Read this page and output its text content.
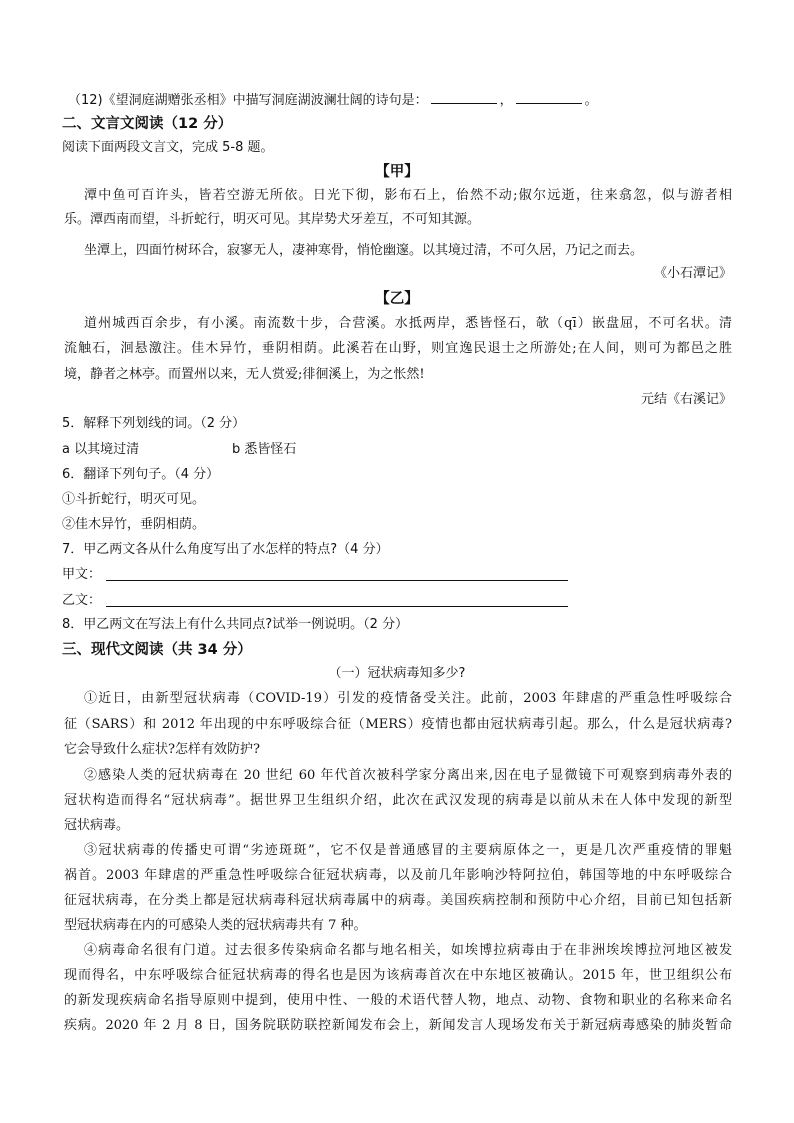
（12)《望洞庭湖赠张丞相》中描写洞庭湖波澜壮阔的诗句是：	，	。
二、文言文阅读（12 分）
阅读下面两段文言文，完成 5-8 题。
【甲】
潭中鱼可百许头，皆若空游无所依。日光下彻，影布石上，佁然不动;俶尔远逝，往来翕忽，似与游者相
乐。潭西南而望，斗折蛇行，明灭可见。其岸势犬牙差互，不可知其源。
坐潭上，四面竹树环合，寂寥无人，凄神寒骨，悄怆幽邃。以其境过清，不可久居，乃记之而去。
《小石潭记》
【乙】
道州城西百余步，有小溪。南流数十步，合营溪。水抵两岸，悉皆怪石，欹（qī）嵌盘屈，不可名状。清
流触石，洄悬激注。佳木异竹，垂阴相荫。此溪若在山野，则宜逸民退士之所游处;在人间，则可为都邑之胜
境，静者之林亭。而置州以来，无人赏爱;徘徊溪上，为之怅然!
元结《右溪记》
5．解释下列划线的词。（2 分）
a 以其境过清	b 悉皆怪石
6．翻译下列句子。（4 分）
①斗折蛇行，明灭可见。
②佳木异竹，垂阴相荫。
7．甲乙两文各从什么角度写出了水怎样的特点?（4 分）
甲文：
乙文：
8．甲乙两文在写法上有什么共同点?试举一例说明。（2 分）
三、现代文阅读（共 34 分）
（一）冠状病毒知多少?
①近日，由新型冠状病毒（COVID-19）引发的疫情备受关注。此前，2003 年肆虐的严重急性呼吸综合
征（SARS）和 2012 年出现的中东呼吸综合征（MERS）疫情也都由冠状病毒引起。那么，什么是冠状病毒?
它会导致什么症状?怎样有效防护?
②感染人类的冠状病毒在 20 世纪 60 年代首次被科学家分离出来,因在电子显微镜下可观察到病毒外表的
冠状构造而得名“冠状病毒”。据世界卫生组织介绍，此次在武汉发现的病毒是以前从未在人体中发现的新型
冠状病毒。
③冠状病毒的传播史可谓“劣迹斑斑”，它不仅是普通感冒的主要病原体之一，更是几次严重疫情的罪魁
祸首。2003 年肆虐的严重急性呼吸综合征冠状病毒，以及前几年影响沙特阿拉伯，韩国等地的中东呼吸综合
征冠状病毒，在分类上都是冠状病毒科冠状病毒属中的病毒。美国疾病控制和预防中心介绍，目前已知包括新
型冠状病毒在内的可感染人类的冠状病毒共有 7 种。
④病毒命名很有门道。过去很多传染病命名都与地名相关，如埃博拉病毒由于在非洲埃埃博拉河地区被发
现而得名，中东呼吸综合征冠状病毒的得名也是因为该病毒首次在中东地区被确认。2015 年，世卫组织公布
的新发现疾病命名指导原则中提到，使用中性、一般的术语代替人物，地点、动物、食物和职业的名称来命名
疾病。2020 年 2 月 8 日，国务院联防联控新闻发布会上，新闻发言人现场发布关于新冠病毒感染的肺炎暂命
